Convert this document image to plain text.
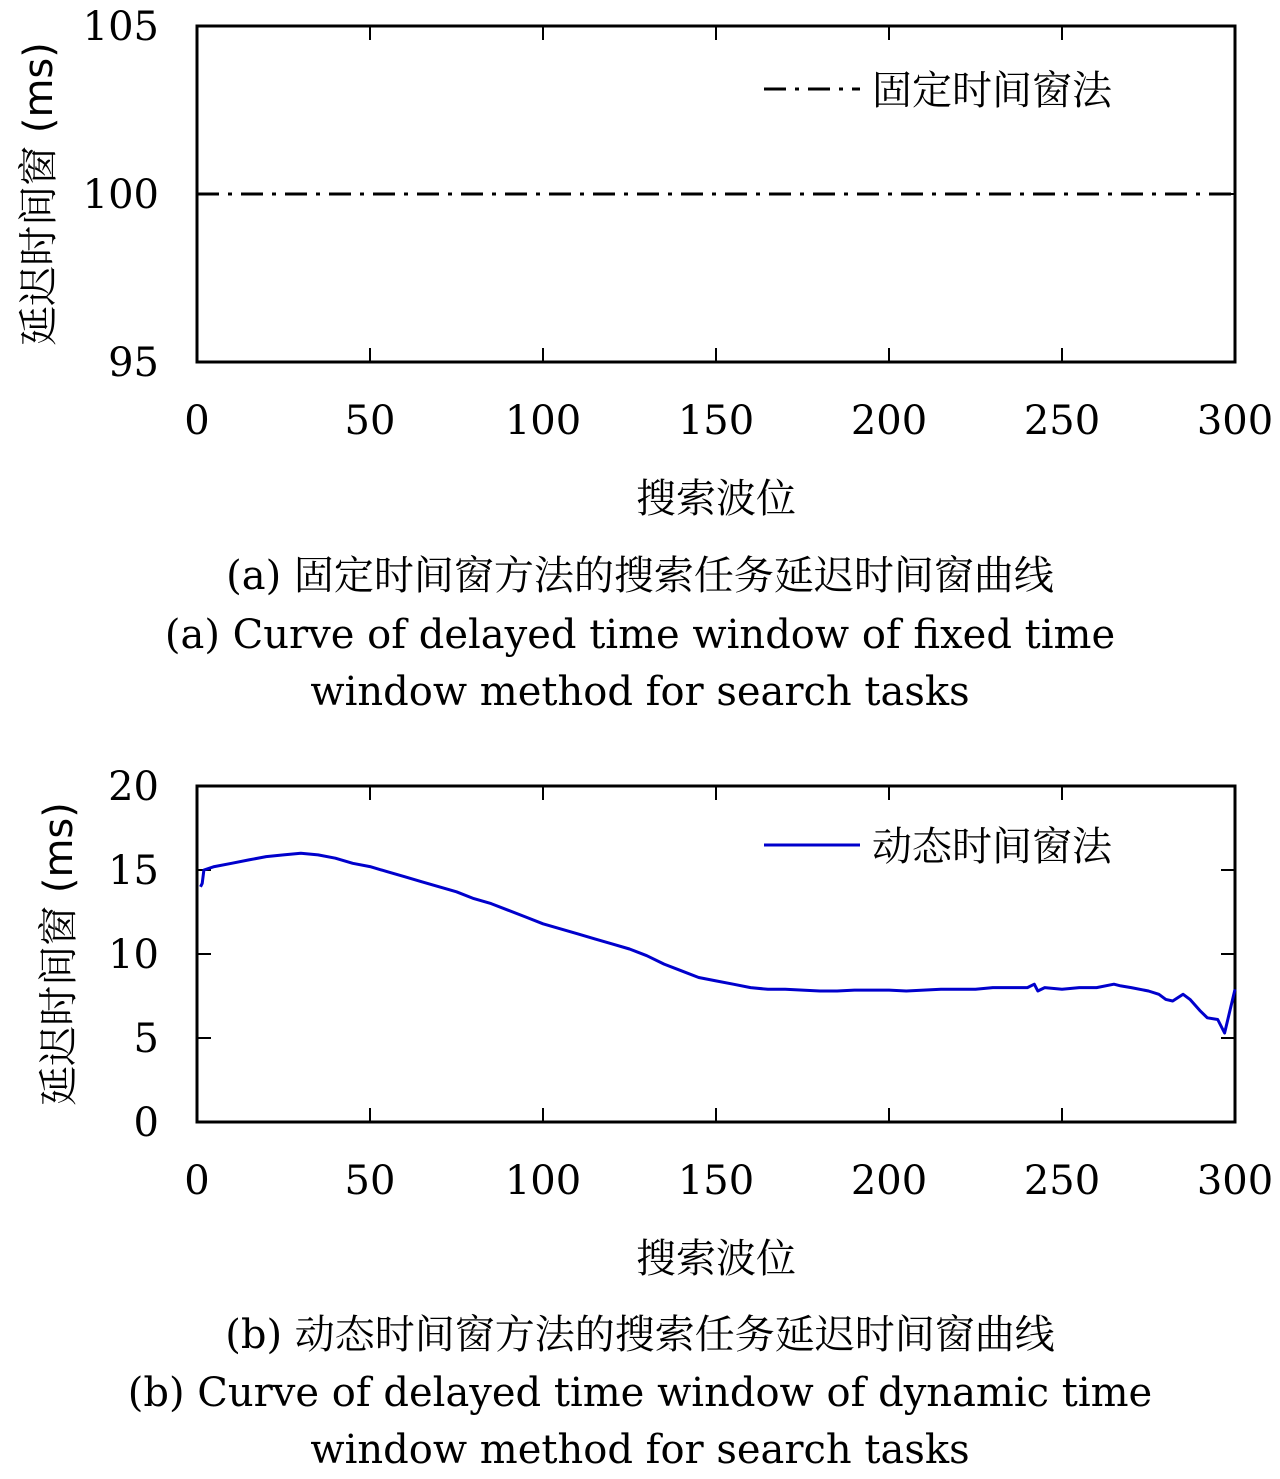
95
100
105
0	50	100 150 200 250 300
固定时间窗法
搜索波位
延迟时间窗 (ms)
0
5
10
15
20
0	50	100 150 200 250 300
动态时间窗法
搜索波位
延迟时间窗 (ms)
(a) 固定时间窗方法的搜索任务延迟时间窗曲线
(a) Curve of delayed time window of fixed time
window method for search tasks
(b) 动态时间窗方法的搜索任务延迟时间窗曲线
(b) Curve of delayed time window of dynamic time
window method for search tasks
